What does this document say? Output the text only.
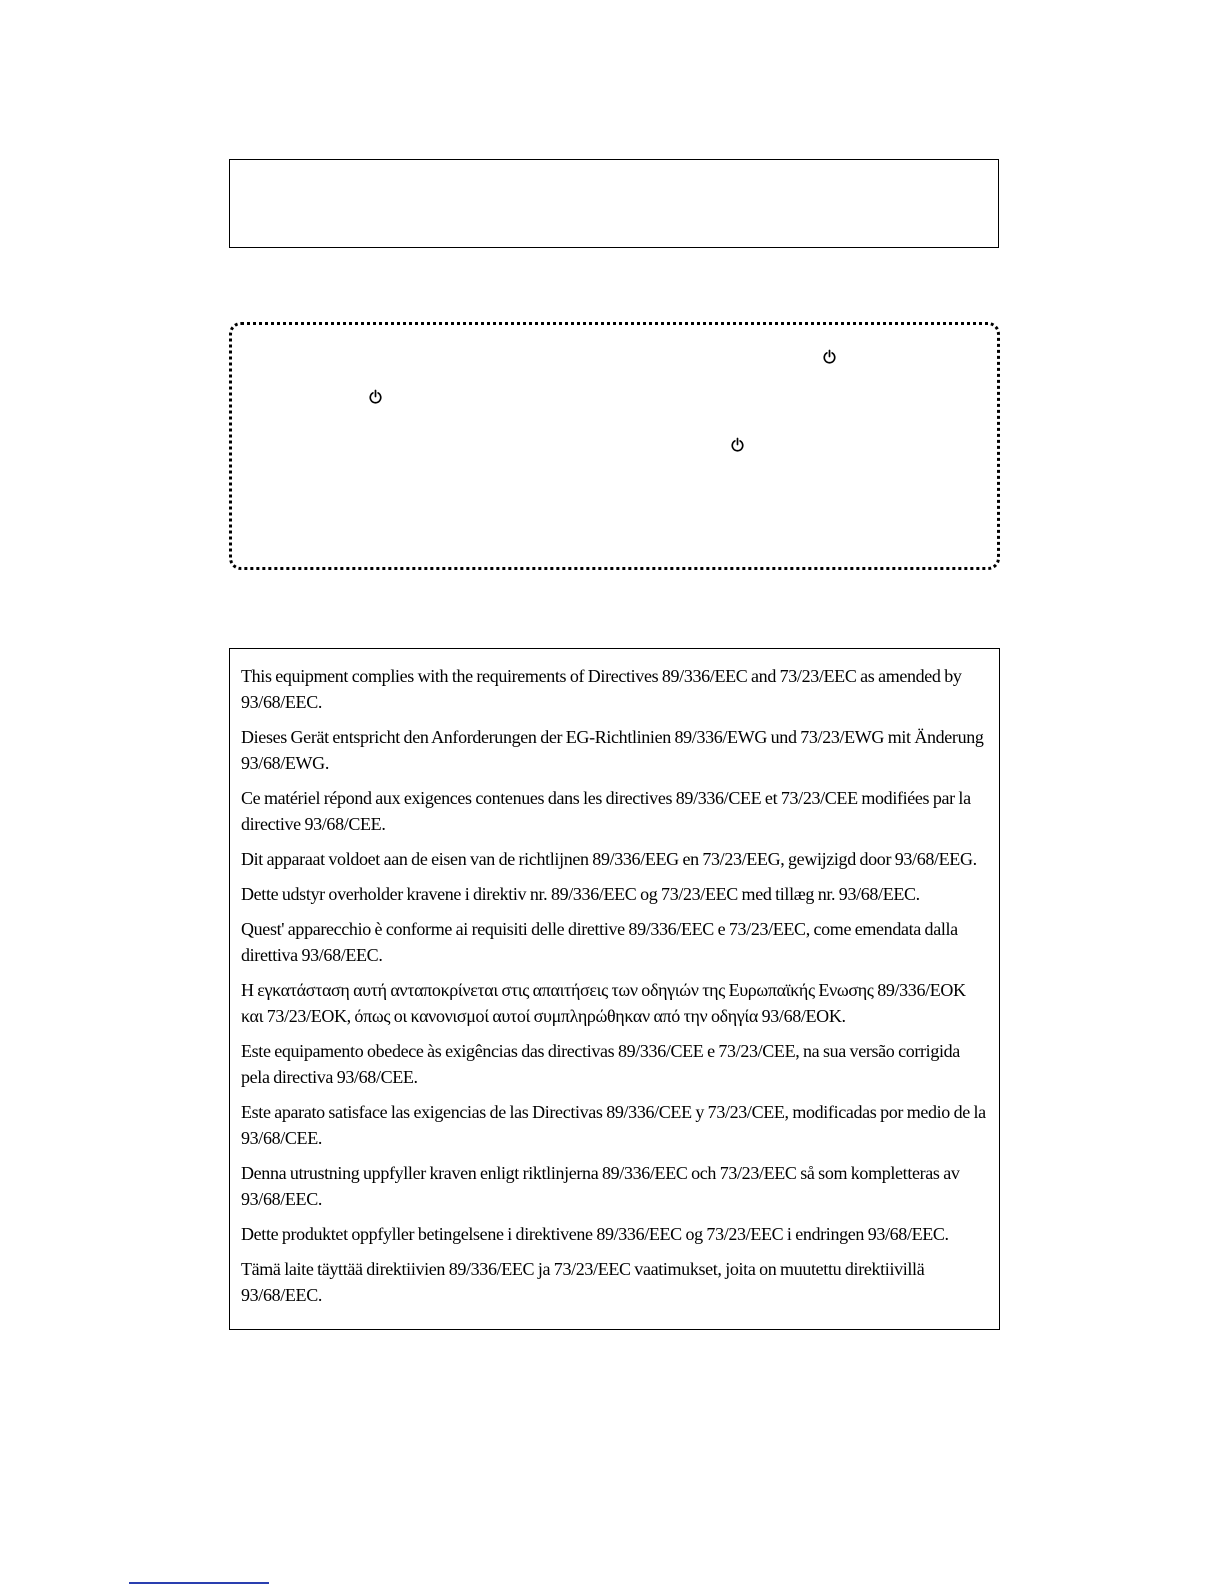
This equipment complies with the requirements of Directives 89/336/EEC and 73/23/EEC as amended by 93/68/EEC.

Dieses Gerät entspricht den Anforderungen der EG-Richtlinien 89/336/EWG und 73/23/EWG mit Änderung 93/68/EWG.

Ce matériel répond aux exigences contenues dans les directives 89/336/CEE et 73/23/CEE modifiées par la directive 93/68/CEE.

Dit apparaat voldoet aan de eisen van de richtlijnen 89/336/EEG en 73/23/EEG, gewijzigd door 93/68/EEG.

Dette udstyr overholder kravene i direktiv nr. 89/336/EEC og 73/23/EEC med tillæg nr. 93/68/EEC.

Quest' apparecchio è conforme ai requisiti delle direttive 89/336/EEC e 73/23/EEC, come emendata dalla direttiva 93/68/EEC.

Η εγκατάσταση αυτή ανταποκρίνεται στις απαιτήσεις των οδηγιών της Ευρωπαϊκής Ενωσης 89/336/EOK και 73/23/EOK, όπως οι κανονισμοί αυτοί συμπληρώθηκαν από την οδηγία 93/68/EOK.

Este equipamento obedece às exigências das directivas 89/336/CEE e 73/23/CEE, na sua versão corrigida pela directiva 93/68/CEE.

Este aparato satisface las exigencias de las Directivas 89/336/CEE y 73/23/CEE, modificadas por medio de la 93/68/CEE.

Denna utrustning uppfyller kraven enligt riktlinjerna 89/336/EEC och 73/23/EEC så som kompletteras av 93/68/EEC.

Dette produktet oppfyller betingelsene i direktivene 89/336/EEC og 73/23/EEC i endringen 93/68/EEC.

Tämä laite täyttää direktiivien 89/336/EEC ja 73/23/EEC vaatimukset, joita on muutettu direktiivillä 93/68/EEC.
